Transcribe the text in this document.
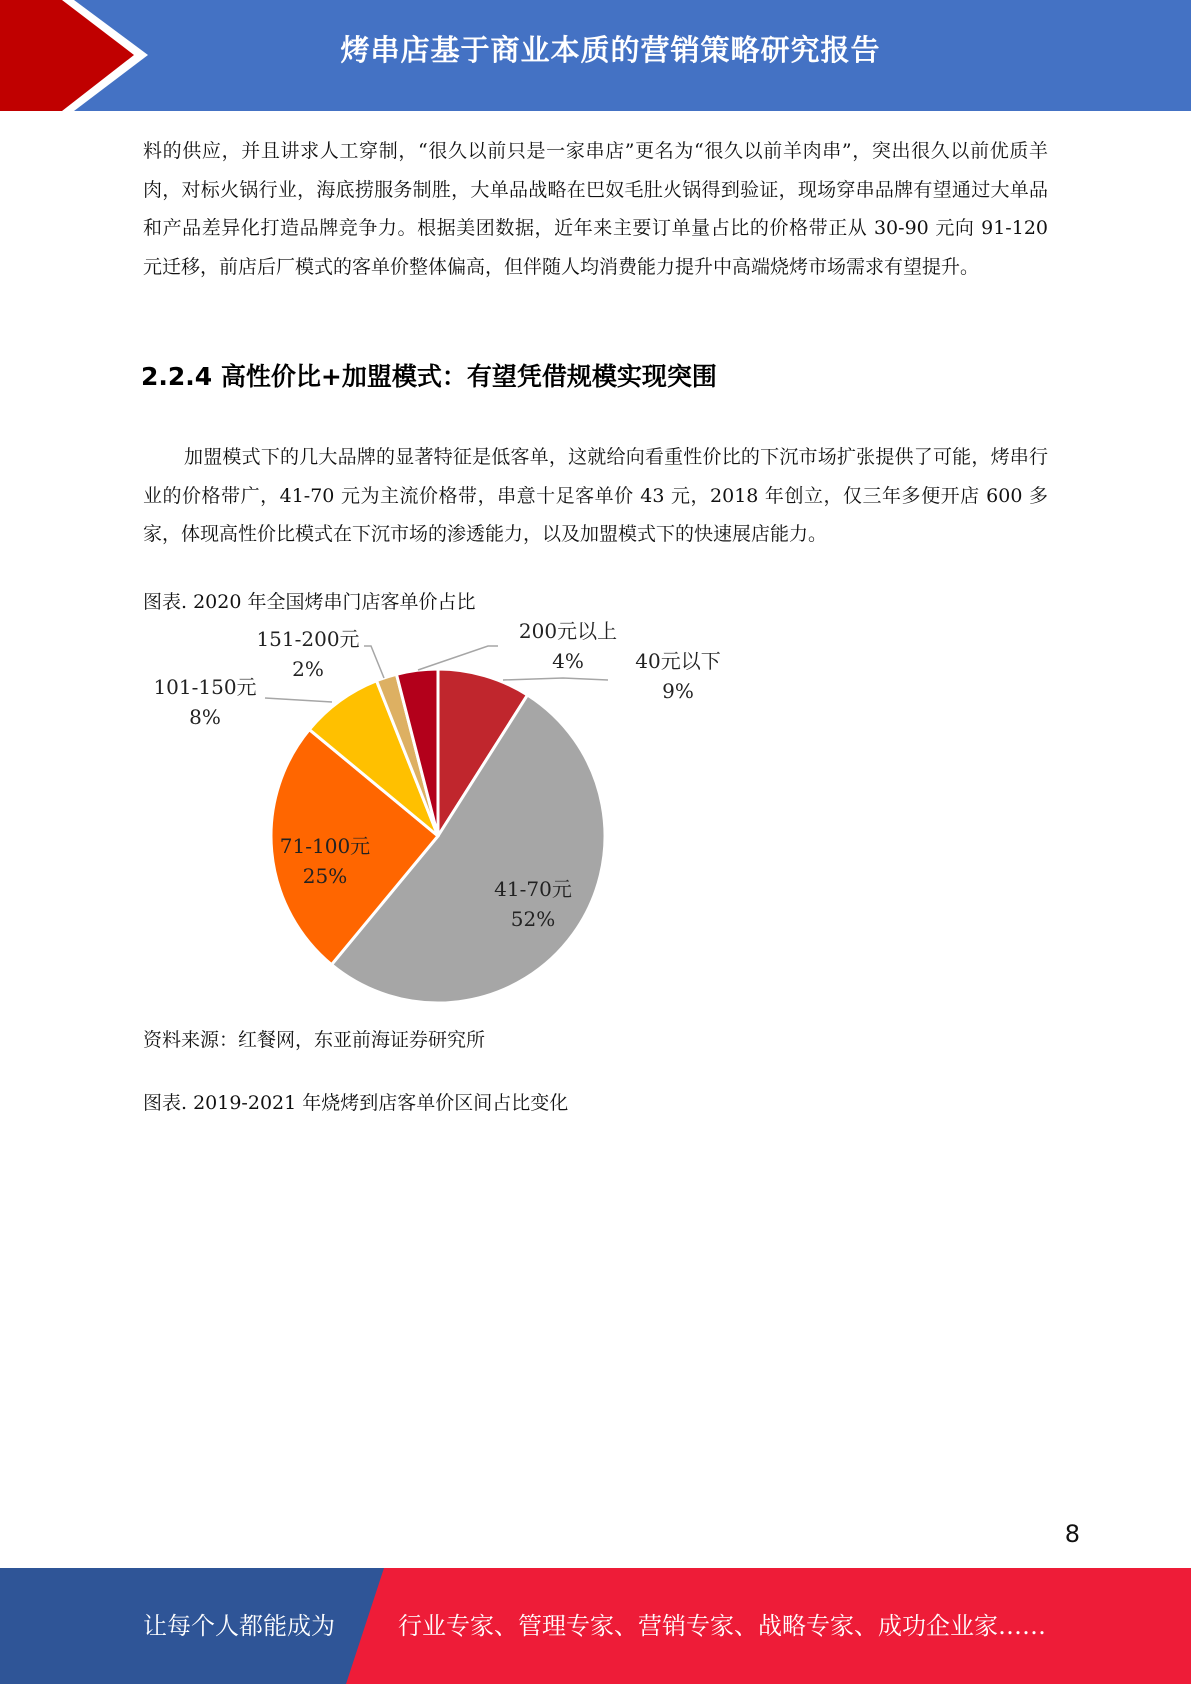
烤串店基于商业本质的营销策略研究报告

料的供应，并且讲求人工穿制，“很久以前只是一家串店”更名为“很久以前羊肉串”，突出很久以前优质羊肉，对标火锅行业，海底捞服务制胜，大单品战略在巴奴毛肚火锅得到验证，现场穿串品牌有望通过大单品和产品差异化打造品牌竞争力。根据美团数据，近年来主要订单量占比的价格带正从 30-90 元向 91-120 元迁移，前店后厂模式的客单价整体偏高，但伴随人均消费能力提升中高端烧烤市场需求有望提升。

2.2.4 高性价比+加盟模式：有望凭借规模实现突围

加盟模式下的几大品牌的显著特征是低客单，这就给向看重性价比的下沉市场扩张提供了可能，烤串行业的价格带广，41-70 元为主流价格带，串意十足客单价 43 元，2018 年创立，仅三年多便开店 600 多家，体现高性价比模式在下沉市场的渗透能力，以及加盟模式下的快速展店能力。

图表. 2020 年全国烤串门店客单价占比

40元以下
9%
41-70元
52%
71-100元
25%
101-150元
8%
151-200元
2%
200元以上
4%

资料来源：红餐网，东亚前海证券研究所

图表. 2019-2021 年烧烤到店客单价区间占比变化

8
让每个人都能成为	行业专家、管理专家、营销专家、战略专家、成功企业家……
